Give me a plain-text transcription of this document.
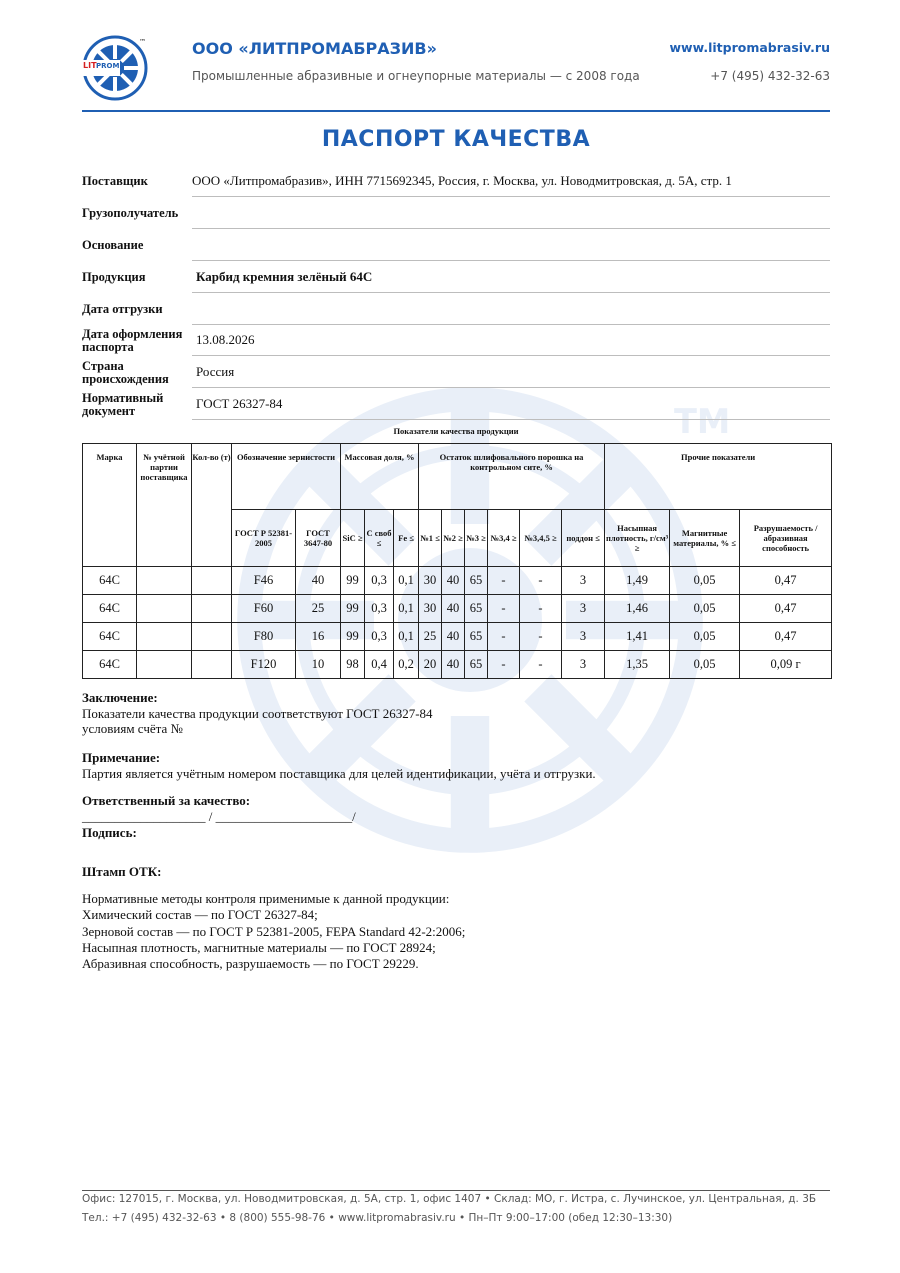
TM
LIT PROM
™	ООО «ЛИТПРОМАБРАЗИВ»
Промышленные абразивные и огнеупорные материалы — с 2008 года
www.litpromabrasiv.ru
+7 (495) 432-32-63
ПАСПОРТ КАЧЕСТВА
Поставщик	ООО «Литпромабразив», ИНН 7715692345, Россия, г. Москва, ул. Новодмитровская, д. 5А, стр. 1
Грузополучатель
Основание
Продукция	Карбид кремния зелёный 64С
Дата отгрузки
Дата оформления паспорта	13.08.2026
Страна происхождения	Россия
Нормативный документ	ГОСТ 26327-84
Показатели качества продукции
Марка	№ учётной партии поставщика	Кол-во (т)	Обозначение зернистости		Массовая доля, %			Остаток шлифовального порошка на контрольном сите, %						Прочие показатели		
			ГОСТ Р 52381-2005	ГОСТ 3647-80	SiC ≥	C своб ≤	Fe ≤	№1 ≤	№2 ≥	№3 ≥	№3,4 ≥	№3,4,5 ≥	поддон ≤	Насыпная плотность, г/см³ ≥	Магнитные материалы, % ≤	Разрушаемость / абразивная способность
64С			F46	40	99	0,3	0,1	30	40	65	-	-	3	1,49	0,05	0,47
64С			F60	25	99	0,3	0,1	30	40	65	-	-	3	1,46	0,05	0,47
64С			F80	16	99	0,3	0,1	25	40	65	-	-	3	1,41	0,05	0,47
64С			F120	10	98	0,4	0,2	20	40	65	-	-	3	1,35	0,05	0,09 г
Заключение:
Показатели качества продукции соответствуют ГОСТ 26327-84
условиям счёта №
Примечание:
Партия является учётным номером поставщика для целей идентификации, учёта и отгрузки.
Ответственный за качество:
___________________ / _____________________/
Подпись:
Штамп ОТК:
Нормативные методы контроля применимые к данной продукции:
Химический состав — по ГОСТ 26327-84;
Зерновой состав — по ГОСТ Р 52381-2005, FEPA Standard 42-2:2006;
Насыпная плотность, магнитные материалы — по ГОСТ 28924;
Абразивная способность, разрушаемость — по ГОСТ 29229.
Офис: 127015, г. Москва, ул. Новодмитровская, д. 5А, стр. 1, офис 1407 • Склад: МО, г. Истра, с. Лучинское, ул. Центральная, д. 3Б
Тел.: +7 (495) 432-32-63 • 8 (800) 555-98-76 • www.litpromabrasiv.ru • Пн–Пт 9:00–17:00 (обед 12:30–13:30)
